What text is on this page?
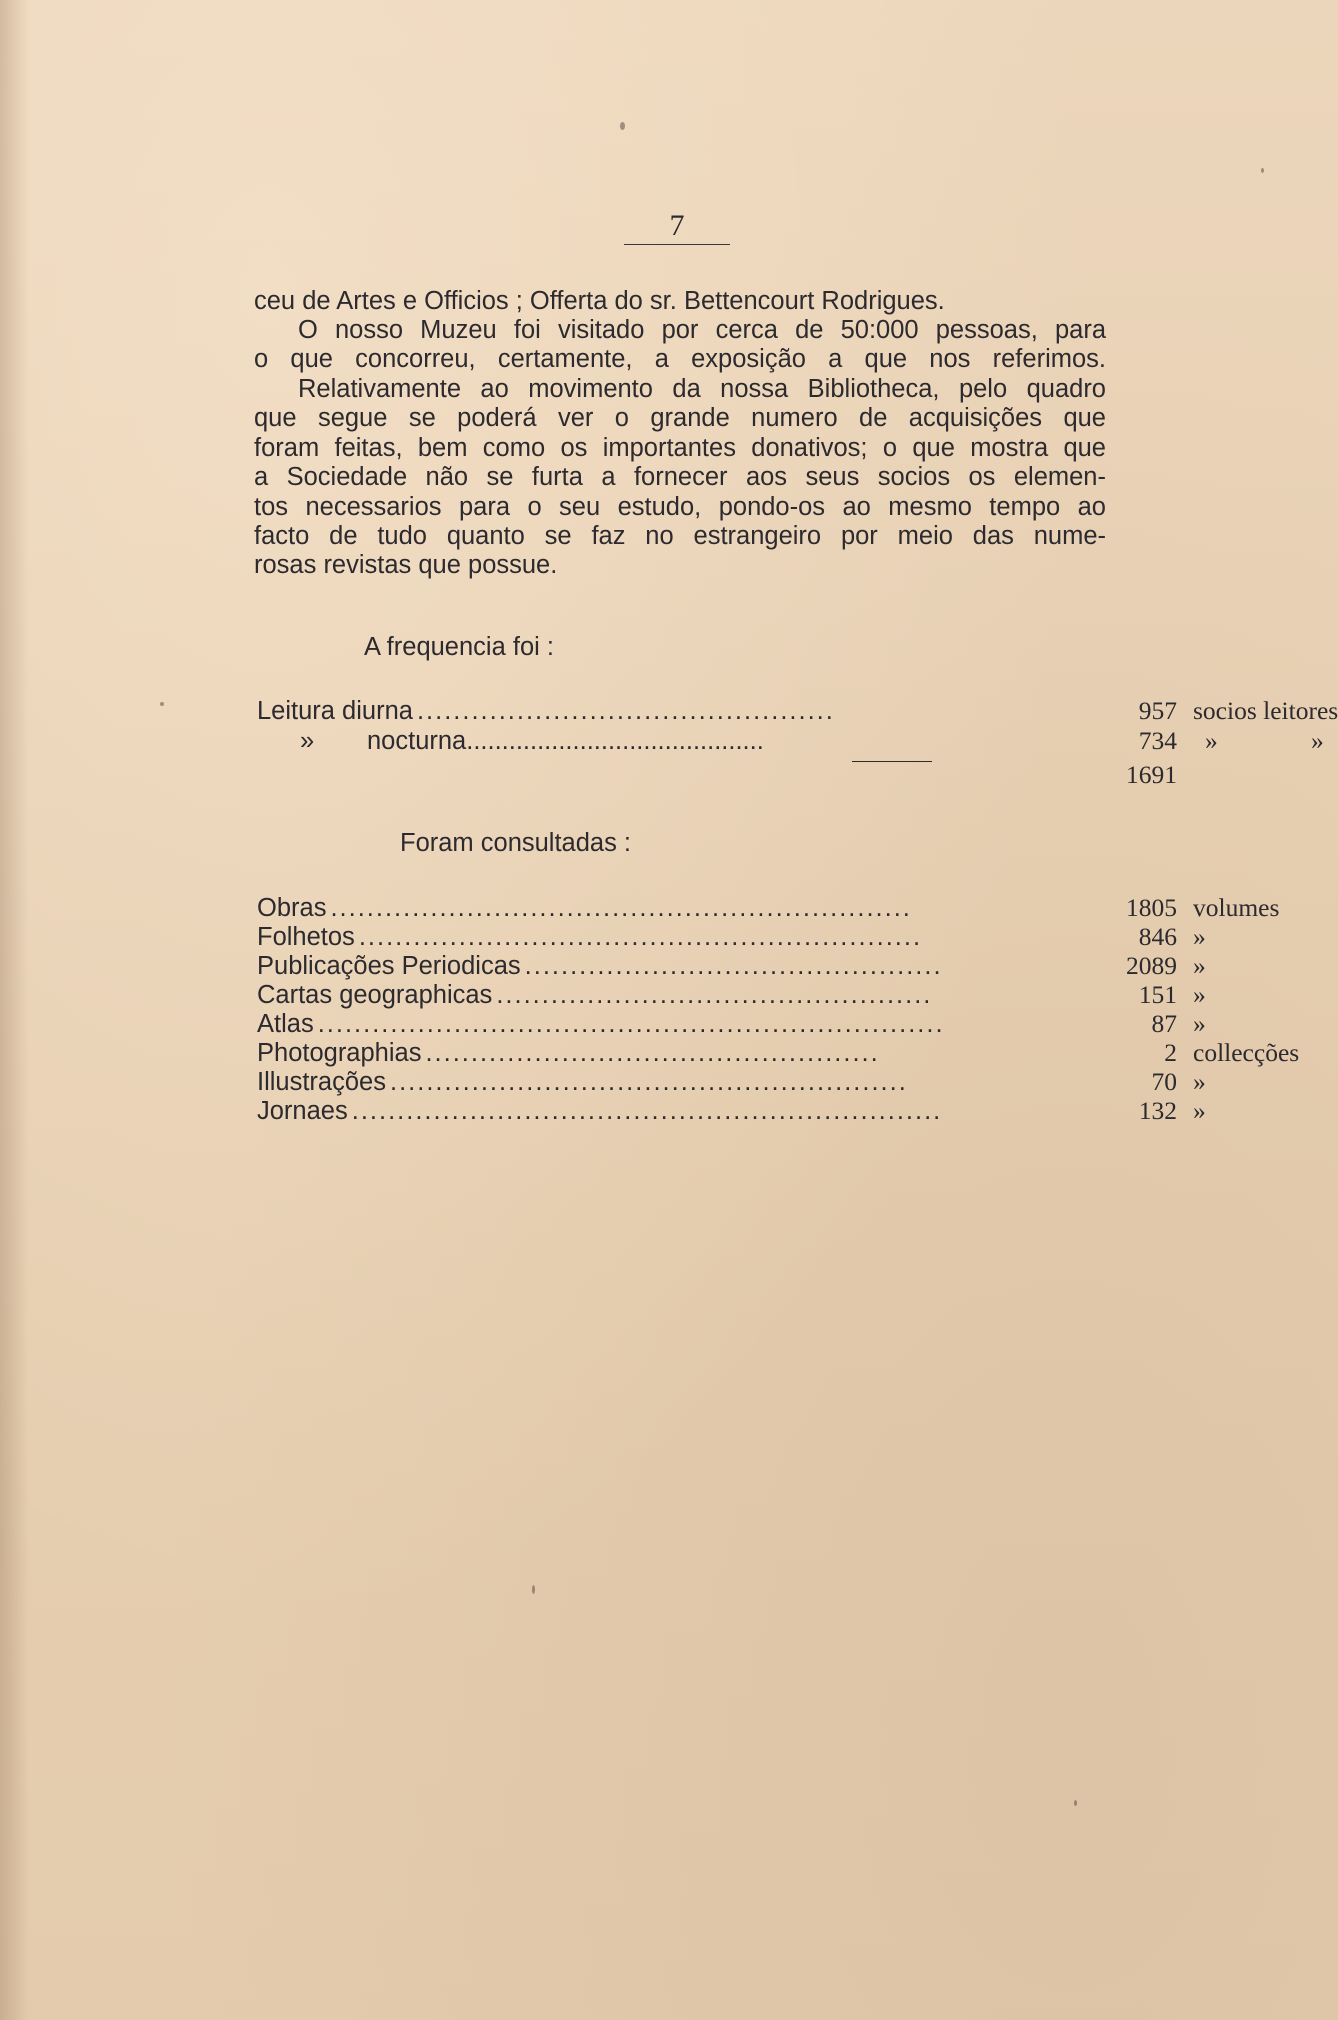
7

ceu de Artes e Officios ; Offerta do sr. Bettencourt Rodrigues.

O nosso Muzeu foi visitado por cerca de 50:000 pessoas, para
o que concorreu, certamente, a exposição a que nos referimos.

Relativamente ao movimento da nossa Bibliotheca, pelo quadro
que segue se poderá ver o grande numero de acquisições que
foram feitas, bem como os importantes donativos; o que mostra que
a Sociedade não se furta a fornecer aos seus socios os elemen-
tos necessarios para o seu estudo, pondo-os ao mesmo tempo ao
facto de tudo quanto se faz no estrangeiro por meio das nume-
rosas revistas que possue.

A frequencia foi :

Leitura diurna ..............................................	957 socios leitores
» nocturna..........................................	734 »	»
1691

Foram consultadas :

Obras ................................................................	1805 volumes
Folhetos ..............................................................	846 »
Publicações Periodicas ..............................................	2089 »
Cartas geographicas ................................................	151 »
Atlas .....................................................................	87 »
Photographias ..................................................	2 collecções
Illustrações .........................................................	70 »
Jornaes .................................................................	132 »
